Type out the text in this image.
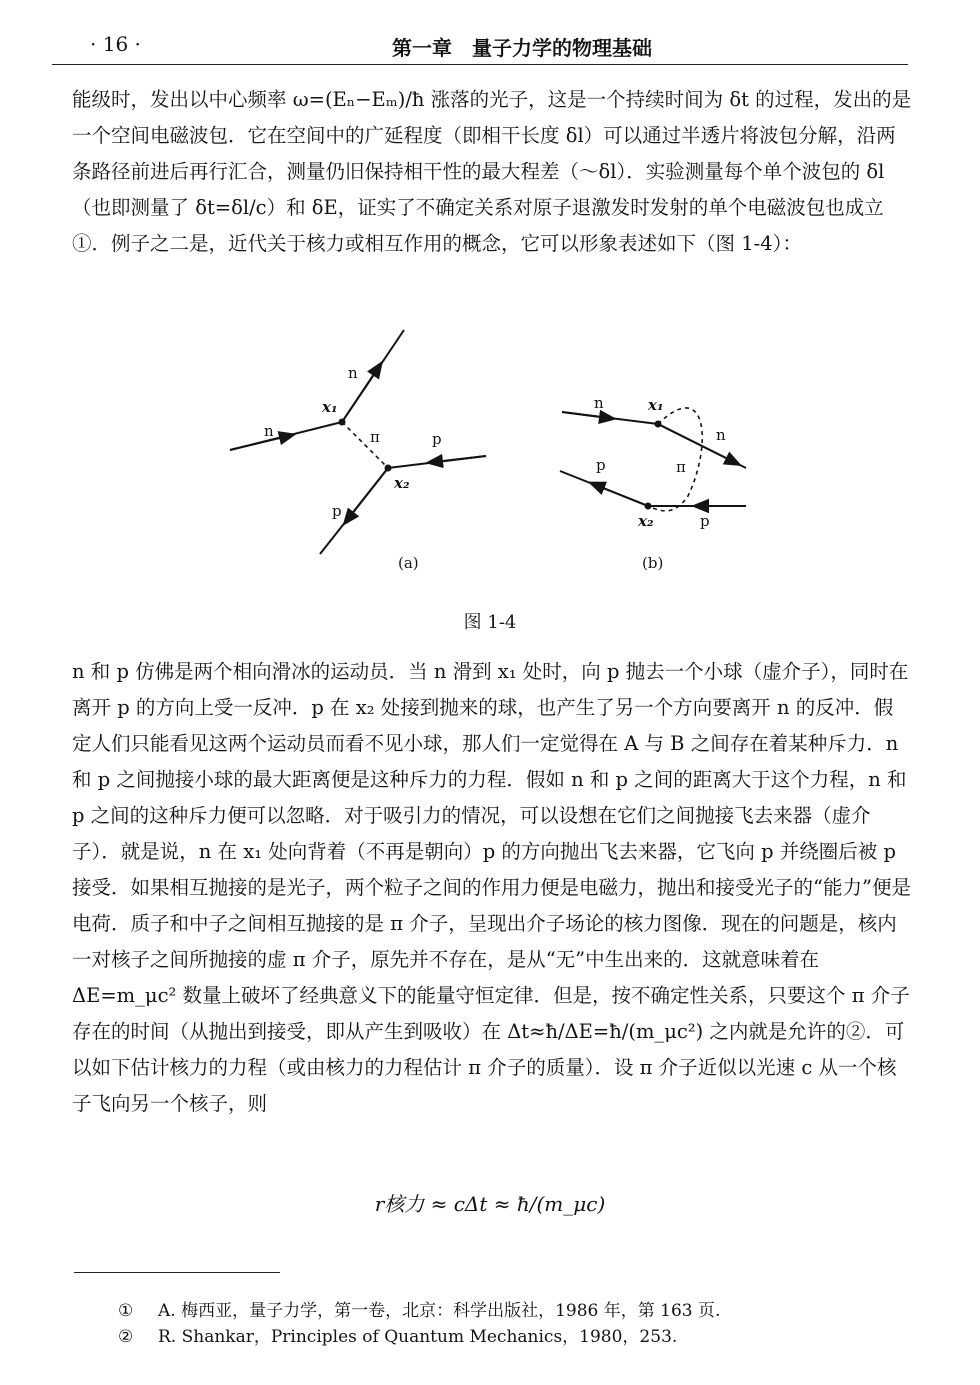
· 16 ·	第一章　量子力学的物理基础

能级时，发出以中心频率 ω=(Eₙ−Eₘ)/ħ 涨落的光子，这是一个持续时间为 δt 的过程，发出的是一个空间电磁波包．它在空间中的广延程度（即相干长度 δl）可以通过半透片将波包分解，沿两条路径前进后再行汇合，测量仍旧保持相干性的最大程差（～δl）．实验测量每个单个波包的 δl（也即测量了 δt=δl/c）和 δE，证实了不确定关系对原子退激发时发射的单个电磁波包也成立①．例子之二是，近代关于核力或相互作用的概念，它可以形象表述如下（图 1-4）：

n
x₁
n	π	p
x₂
p
(a)
n	x₁
n
p	π
x₂	p
(b)
图 1-4

n 和 p 仿佛是两个相向滑冰的运动员．当 n 滑到 x₁ 处时，向 p 抛去一个小球（虚介子），同时在离开 p 的方向上受一反冲．p 在 x₂ 处接到抛来的球，也产生了另一个方向要离开 n 的反冲．假定人们只能看见这两个运动员而看不见小球，那人们一定觉得在 A 与 B 之间存在着某种斥力．n 和 p 之间抛接小球的最大距离便是这种斥力的力程．假如 n 和 p 之间的距离大于这个力程，n 和 p 之间的这种斥力便可以忽略．对于吸引力的情况，可以设想在它们之间抛接飞去来器（虚介子）．就是说，n 在 x₁ 处向背着（不再是朝向）p 的方向抛出飞去来器，它飞向 p 并绕圈后被 p 接受．如果相互抛接的是光子，两个粒子之间的作用力便是电磁力，抛出和接受光子的“能力”便是电荷．质子和中子之间相互抛接的是 π 介子，呈现出介子场论的核力图像．现在的问题是，核内一对核子之间所抛接的虚 π 介子，原先并不存在，是从“无”中生出来的．这就意味着在 ΔE=m_μc² 数量上破坏了经典意义下的能量守恒定律．但是，按不确定性关系，只要这个 π 介子存在的时间（从抛出到接受，即从产生到吸收）在 Δt≈ħ/ΔE=ħ/(m_μc²) 之内就是允许的②．可以如下估计核力的力程（或由核力的力程估计 π 介子的质量）．设 π 介子近似以光速 c 从一个核子飞向另一个核子，则

r核力 ≈ cΔt ≈ ħ/(m_μc)
① A. 梅西亚，量子力学，第一卷，北京：科学出版社，1986 年，第 163 页.
② R. Shankar，Principles of Quantum Mechanics，1980，253.
